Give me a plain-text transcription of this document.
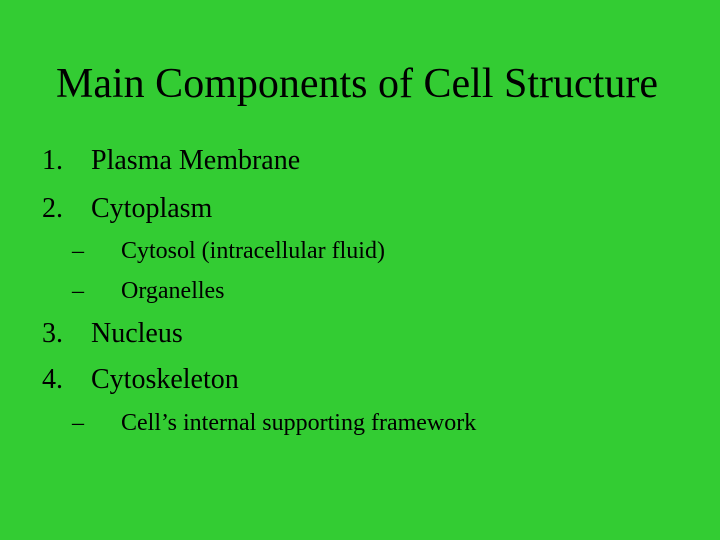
Main Components of Cell Structure
1. Plasma Membrane
2. Cytoplasm
– Cytosol (intracellular fluid)
– Organelles
3. Nucleus
4. Cytoskeleton
– Cell’s internal supporting framework
